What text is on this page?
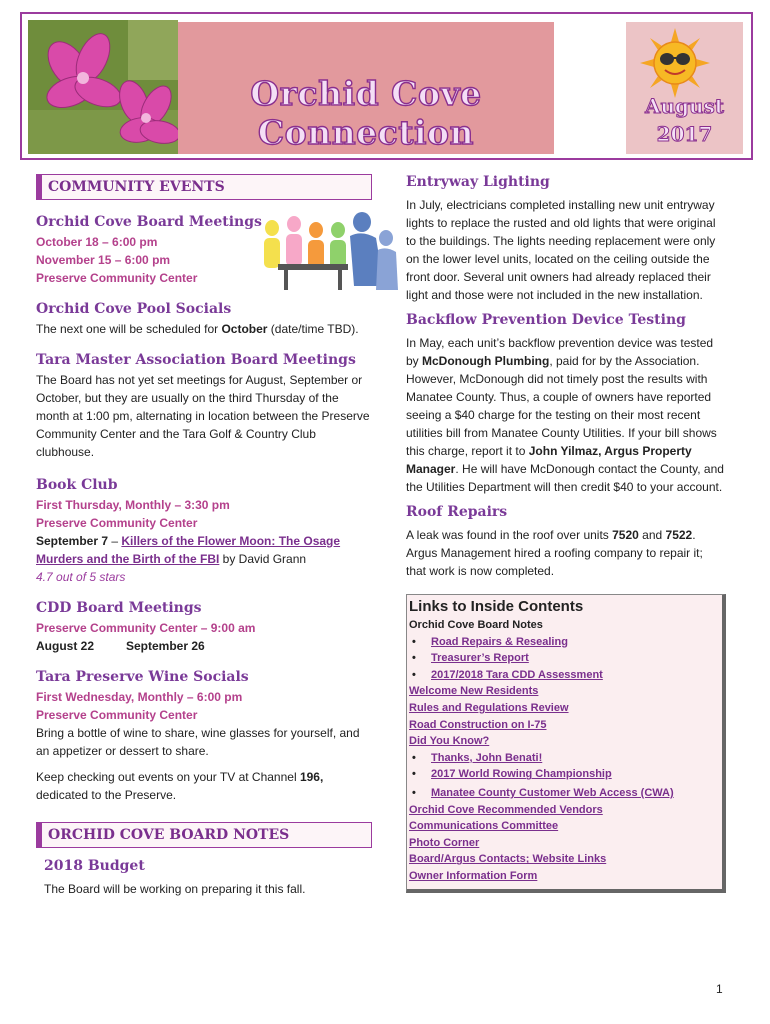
Orchid Cove Connection
August
2017
COMMUNITY EVENTS
Orchid Cove Board Meetings
October 18 – 6:00 pm
November 15 – 6:00 pm
Preserve Community Center
Orchid Cove Pool Socials

The next one will be scheduled for October (date/time TBD).

Tara Master Association Board Meetings

The Board has not yet set meetings for August, September or October, but they are usually on the third Thursday of the month at 1:00 pm, alternating in location between the Preserve Community Center and the Tara Golf & Country Club clubhouse.

Book Club
First Thursday, Monthly – 3:30 pm
Preserve Community Center

September 7 – Killers of the Flower Moon: The Osage Murders and the Birth of the FBI by David Grann

4.7 out of 5 stars
CDD Board Meetings
Preserve Community Center – 9:00 am
August 22	September 26
Tara Preserve Wine Socials
First Wednesday, Monthly – 6:00 pm
Preserve Community Center

Bring a bottle of wine to share, wine glasses for yourself, and an appetizer or dessert to share.

Keep checking out events on your TV at Channel 196, dedicated to the Preserve.

ORCHID COVE BOARD NOTES
2018 Budget

The Board will be working on preparing it this fall.

Entryway Lighting

In July, electricians completed installing new unit entryway lights to replace the rusted and old lights that were original to the buildings. The lights needing replacement were only on the lower level units, located on the ceiling outside the front door. Several unit owners had already replaced their light and those were not included in the new installation.

Backflow Prevention Device Testing

In May, each unit’s backflow prevention device was tested by McDonough Plumbing, paid for by the Association. However, McDonough did not timely post the results with Manatee County. Thus, a couple of owners have reported seeing a $40 charge for the testing on their most recent utilities bill from Manatee County Utilities. If your bill shows this charge, report it to John Yilmaz, Argus Property Manager. He will have McDonough contact the County, and the Utilities Department will then credit $40 to your account.

Roof Repairs

A leak was found in the roof over units 7520 and 7522. Argus Management hired a roofing company to repair it; that work is now completed.

Links to Inside Contents
Orchid Cove Board Notes
• Road Repairs & Resealing
• Treasurer’s Report
• 2017/2018 Tara CDD Assessment
Welcome New Residents
Rules and Regulations Review
Road Construction on I-75
Did You Know?
• Thanks, John Benati!
• 2017 World Rowing Championship
• Manatee County Customer Web Access (CWA)
Orchid Cove Recommended Vendors
Communications Committee
Photo Corner
Board/Argus Contacts; Website Links
Owner Information Form
1
